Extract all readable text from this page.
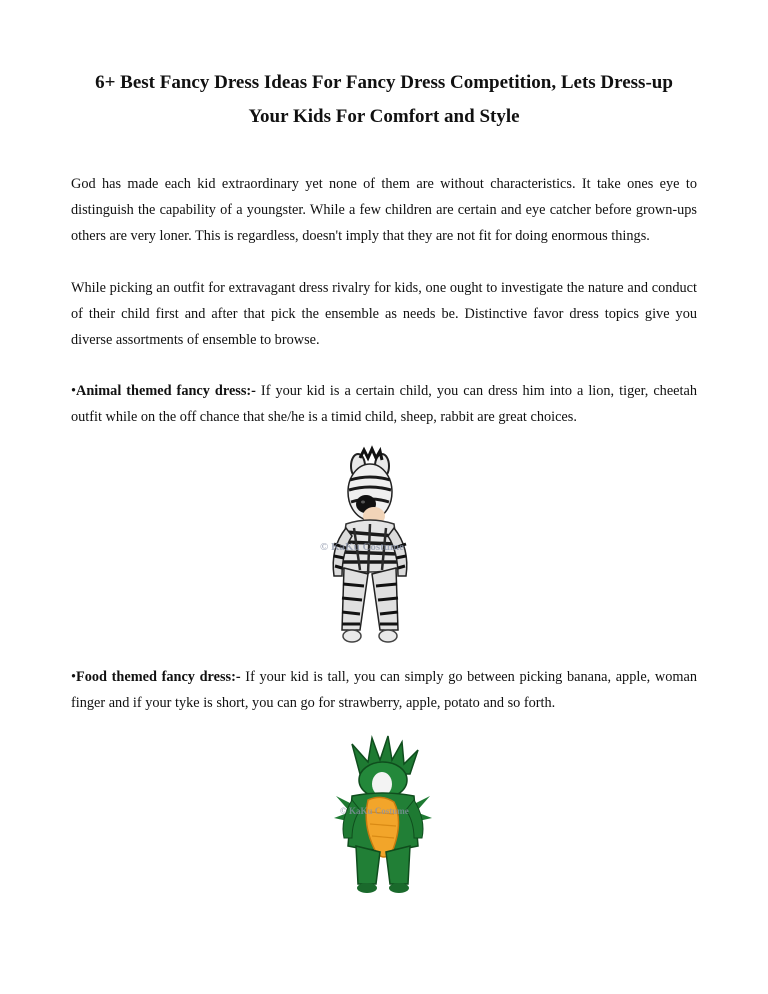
6+ Best Fancy Dress Ideas For Fancy Dress Competition, Lets Dress-up
Your Kids For Comfort and Style

God has made each kid extraordinary yet none of them are without characteristics. It take ones eye to distinguish the capability of a youngster. While a few children are certain and eye catcher before grown-ups others are very loner. This is regardless, doesn't imply that they are not fit for doing enormous things.

While picking an outfit for extravagant dress rivalry for kids, one ought to investigate the nature and conduct of their child first and after that pick the ensemble as needs be. Distinctive favor dress topics give you diverse assortments of ensemble to browse.

•Animal themed fancy dress:- If your kid is a certain child, you can dress him into a lion, tiger, cheetah outfit while on the off chance that she/he is a timid child, sheep, rabbit are great choices.

© KaKu Costume

•Food themed fancy dress:- If your kid is tall, you can simply go between picking banana, apple, woman finger and if your tyke is short, you can go for strawberry, apple, potato and so forth.

© KaKu Costume
